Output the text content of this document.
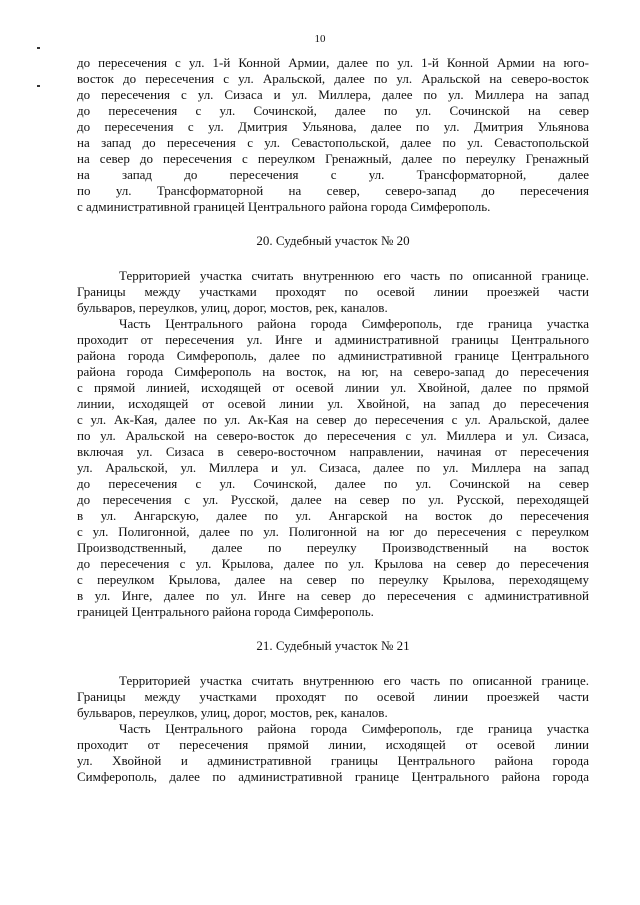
10
до пересечения с ул. 1-й Конной Армии, далее по ул. 1-й Конной Армии на юго-
восток до пересечения с ул. Аральской, далее по ул. Аральской на северо-восток
до пересечения с ул. Сизаса и ул. Миллера, далее по ул. Миллера на запад
до пересечения с ул. Сочинской, далее по ул. Сочинской на север
до пересечения с ул. Дмитрия Ульянова, далее по ул. Дмитрия Ульянова
на запад до пересечения с ул. Севастопольской, далее по ул. Севастопольской
на север до пересечения с переулком Гренажный, далее по переулку Гренажный
на запад до пересечения с ул. Трансформаторной, далее
по ул. Трансформаторной на север, северо-запад до пересечения
с административной границей Центрального района города Симферополь.
20. Судебный участок № 20
Территорией участка считать внутреннюю его часть по описанной границе.
Границы между участками проходят по осевой линии проезжей части
бульваров, переулков, улиц, дорог, мостов, рек, каналов.
Часть Центрального района города Симферополь, где граница участка
проходит от пересечения ул. Инге и административной границы Центрального
района города Симферополь, далее по административной границе Центрального
района города Симферополь на восток, на юг, на северо-запад до пересечения
с прямой линией, исходящей от осевой линии ул. Хвойной, далее по прямой
линии, исходящей от осевой линии ул. Хвойной, на запад до пересечения
с ул. Ак-Кая, далее по ул. Ак-Кая на север до пересечения с ул. Аральской, далее
по ул. Аральской на северо-восток до пересечения с ул. Миллера и ул. Сизаса,
включая ул. Сизаса в северо-восточном направлении, начиная от пересечения
ул. Аральской, ул. Миллера и ул. Сизаса, далее по ул. Миллера на запад
до пересечения с ул. Сочинской, далее по ул. Сочинской на север
до пересечения с ул. Русской, далее на север по ул. Русской, переходящей
в ул. Ангарскую, далее по ул. Ангарской на восток до пересечения
с ул. Полигонной, далее по ул. Полигонной на юг до пересечения с переулком
Производственный, далее по переулку Производственный на восток
до пересечения с ул. Крылова, далее по ул. Крылова на север до пересечения
с переулком Крылова, далее на север по переулку Крылова, переходящему
в ул. Инге, далее по ул. Инге на север до пересечения с административной
границей Центрального района города Симферополь.
21. Судебный участок № 21
Территорией участка считать внутреннюю его часть по описанной границе.
Границы между участками проходят по осевой линии проезжей части
бульваров, переулков, улиц, дорог, мостов, рек, каналов.
Часть Центрального района города Симферополь, где граница участка
проходит от пересечения прямой линии, исходящей от осевой линии
ул. Хвойной и административной границы Центрального района города
Симферополь, далее по административной границе Центрального района города
